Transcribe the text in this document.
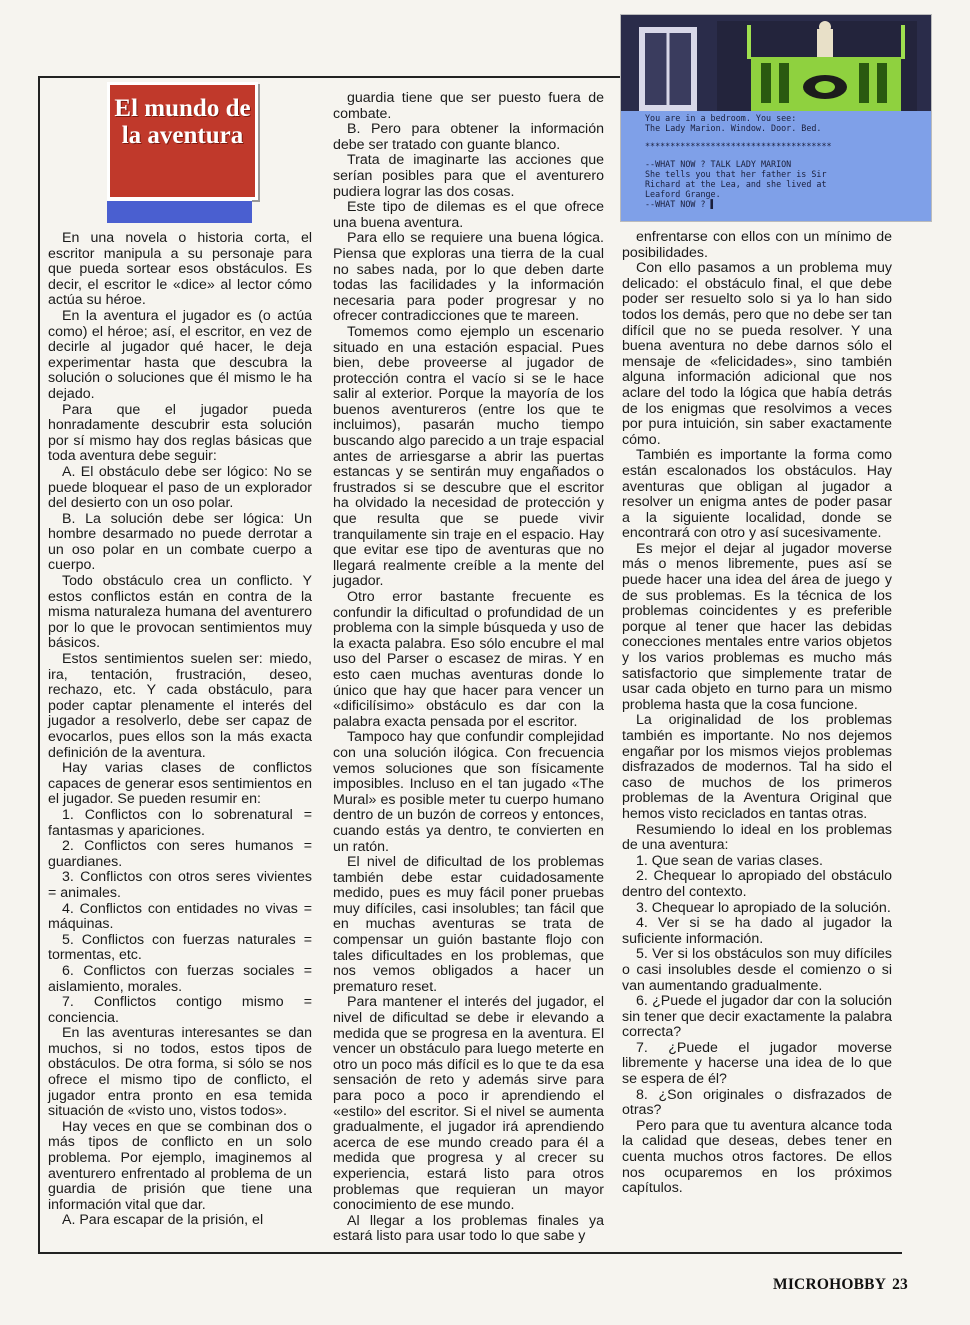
El mundo de la aventura
You are in a bedroom. You see:
The Lady Marion. Window. Door. Bed.
*************************************
--WHAT NOW ? TALK LADY MARION
She tells you that her father is Sir
Richard at the Lea, and she lived at
Leaford Grange.
--WHAT NOW ? ▌

En una novela o historia corta, el escritor manipula a su personaje para que pueda sortear esos obstáculos. Es decir, el escritor le «dice» al lector cómo actúa su héroe.

En la aventura el jugador es (o actúa como) el héroe; así, el escritor, en vez de decirle al jugador qué hacer, le deja experimentar hasta que descubra la solución o soluciones que él mismo le ha dejado.

Para que el jugador pueda honradamente descubrir esta solución por sí mismo hay dos reglas básicas que toda aventura debe seguir:

A. El obstáculo debe ser lógico: No se puede bloquear el paso de un explorador del desierto con un oso polar.

B. La solución debe ser lógica: Un hombre desarmado no puede derrotar a un oso polar en un combate cuerpo a cuerpo.

Todo obstáculo crea un conflicto. Y estos conflictos están en contra de la misma naturaleza humana del aventurero por lo que le provocan sentimientos muy básicos.

Estos sentimientos suelen ser: miedo, ira, tentación, frustración, deseo, rechazo, etc. Y cada obstáculo, para poder captar plenamente el interés del jugador a resolverlo, debe ser capaz de evocarlos, pues ellos son la más exacta definición de la aventura.

Hay varias clases de conflictos capaces de generar esos sentimientos en el jugador. Se pueden resumir en:

1. Conflictos con lo sobrenatural = fantasmas y apariciones.

2. Conflictos con seres humanos = guardianes.

3. Conflictos con otros seres vivientes = animales.

4. Conflictos con entidades no vivas = máquinas.

5. Conflictos con fuerzas naturales = tormentas, etc.

6. Conflictos con fuerzas sociales = aislamiento, morales.

7. Conflictos contigo mismo = conciencia.

En las aventuras interesantes se dan muchos, si no todos, estos tipos de obstáculos. De otra forma, si sólo se nos ofrece el mismo tipo de conflicto, el jugador entra pronto en esa temida situación de «visto uno, vistos todos».

Hay veces en que se combinan dos o más tipos de conflicto en un solo problema. Por ejemplo, imaginemos al aventurero enfrentado al problema de un guardia de prisión que tiene una información vital que dar.

A. Para escapar de la prisión, el

guardia tiene que ser puesto fuera de combate.

B. Pero para obtener la información debe ser tratado con guante blanco.

Trata de imaginarte las acciones que serían posibles para que el aventurero pudiera lograr las dos cosas.

Este tipo de dilemas es el que ofrece una buena aventura.

Para ello se requiere una buena lógica. Piensa que exploras una tierra de la cual no sabes nada, por lo que deben darte todas las facilidades y la información necesaria para poder progresar y no ofrecer contradicciones que te mareen.

Tomemos como ejemplo un escenario situado en una estación espacial. Pues bien, debe proveerse al jugador de protección contra el vacío si se le hace salir al exterior. Porque la mayoría de los buenos aventureros (entre los que te incluimos), pasarán mucho tiempo buscando algo parecido a un traje espacial antes de arriesgarse a abrir las puertas estancas y se sentirán muy engañados o frustrados si se descubre que el escritor ha olvidado la necesidad de protección y que resulta que se puede vivir tranquilamente sin traje en el espacio. Hay que evitar ese tipo de aventuras que no llegará realmente creíble a la mente del jugador.

Otro error bastante frecuente es confundir la dificultad o profundidad de un problema con la simple búsqueda y uso de la exacta palabra. Eso sólo encubre el mal uso del Parser o escasez de miras. Y en esto caen muchas aventuras donde lo único que hay que hacer para vencer un «dificilísimo» obstáculo es dar con la palabra exacta pensada por el escritor.

Tampoco hay que confundir complejidad con una solución ilógica. Con frecuencia vemos soluciones que son físicamente imposibles. Incluso en el tan jugado «The Mural» es posible meter tu cuerpo humano dentro de un buzón de correos y entonces, cuando estás ya dentro, te convierten en un ratón.

El nivel de dificultad de los problemas también debe estar cuidadosamente medido, pues es muy fácil poner pruebas muy difíciles, casi insolubles; tan fácil que en muchas aventuras se trata de compensar un guión bastante flojo con tales dificultades en los problemas, que nos vemos obligados a hacer un prematuro reset.

Para mantener el interés del jugador, el nivel de dificultad se debe ir elevando a medida que se progresa en la aventura. El vencer un obstáculo para luego meterte en otro un poco más difícil es lo que te da esa sensación de reto y además sirve para para poco a poco ir aprendiendo el «estilo» del escritor. Si el nivel se aumenta gradualmente, el jugador irá aprendiendo acerca de ese mundo creado para él a medida que progresa y al crecer su experiencia, estará listo para otros problemas que requieran un mayor conocimiento de ese mundo.

Al llegar a los problemas finales ya estará listo para usar todo lo que sabe y

enfrentarse con ellos con un mínimo de posibilidades.

Con ello pasamos a un problema muy delicado: el obstáculo final, el que debe poder ser resuelto solo si ya lo han sido todos los demás, pero que no debe ser tan difícil que no se pueda resolver. Y una buena aventura no debe darnos sólo el mensaje de «felicidades», sino también alguna información adicional que nos aclare del todo la lógica que había detrás de los enigmas que resolvimos a veces por pura intuición, sin saber exactamente cómo.

También es importante la forma como están escalonados los obstáculos. Hay aventuras que obligan al jugador a resolver un enigma antes de poder pasar a la siguiente localidad, donde se encontrará con otro y así sucesivamente.

Es mejor el dejar al jugador moverse más o menos libremente, pues así se puede hacer una idea del área de juego y de sus problemas. Es la técnica de los problemas coincidentes y es preferible porque al tener que hacer las debidas conecciones mentales entre varios objetos y los varios problemas es mucho más satisfactorio que simplemente tratar de usar cada objeto en turno para un mismo problema hasta que la cosa funcione.

La originalidad de los problemas también es importante. No nos dejemos engañar por los mismos viejos problemas disfrazados de modernos. Tal ha sido el caso de muchos de los primeros problemas de la Aventura Original que hemos visto reciclados en tantas otras.

Resumiendo lo ideal en los problemas de una aventura:

1. Que sean de varias clases.

2. Chequear lo apropiado del obstáculo dentro del contexto.

3. Chequear lo apropiado de la solución.

4. Ver si se ha dado al jugador la suficiente información.

5. Ver si los obstáculos son muy difíciles o casi insolubles desde el comienzo o si van aumentando gradualmente.

6. ¿Puede el jugador dar con la solución sin tener que decir exactamente la palabra correcta?

7. ¿Puede el jugador moverse libremente y hacerse una idea de lo que se espera de él?

8. ¿Son originales o disfrazados de otras?

Pero para que tu aventura alcance toda la calidad que deseas, debes tener en cuenta muchos otros factores. De ellos nos ocuparemos en los próximos capítulos.

MICROHOBBY 23
